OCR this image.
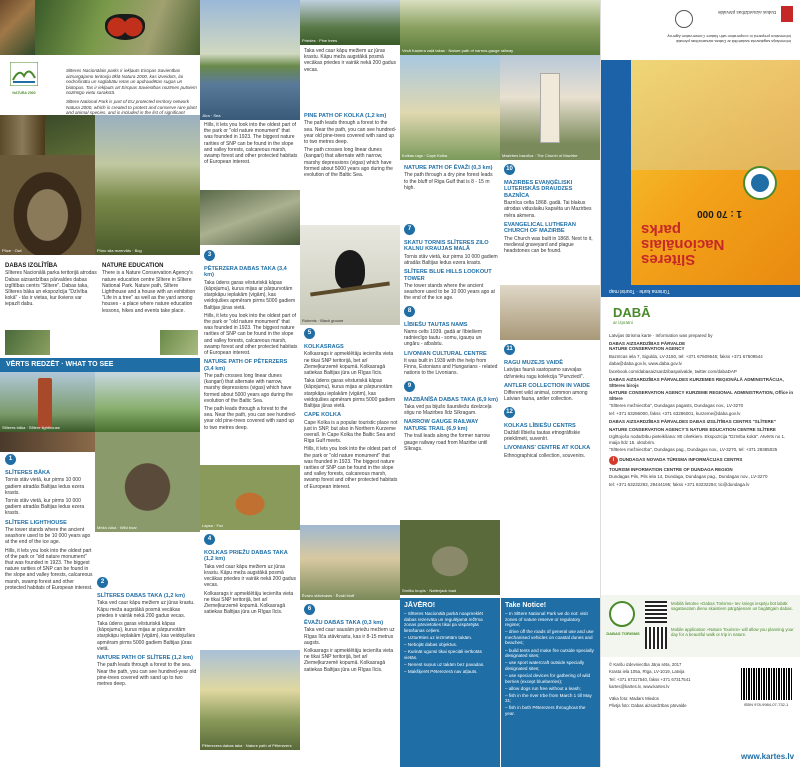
NATURA 2000

Slīteres Nacionālais parks ir iekļauts Eiropas Savienības aizsargājamo teritoriju tīklā Natura 2000, kas izveidots, lai nodrošinātu un saglabātu retas un apdraudētas sugas un biotopus. Tas ir iekļauts arī Eiropas Savienības nozīmes putniem nozīmīgo vietu sarakstā.

Slītere National Park is part of EU protected territory network Natura 2000, which is created to protect and conserve rare plant and animal species, and is included in the list of significant

Pūce · Owl	Pūņu sila rezervāts · Bog
DABAS IZGLĪTĪBA

Slīteres Nacionālā parka teritorijā atrodas Dabas aizsardzības pārvaldes dabas izglītības centrs "Slītere". Dabas taka, Slīteres bāka un ekspozīcija "Dzīvība kokā" - tās ir vietas, kur ikviens var iepazīt dabu.

NATURE EDUCATION

There is a Nature Conservation Agency's nature education centre Slītere in Slītere National Park. Nature path, Slītere Lighthouse and a house with an exhibition "Life in a tree" as well as the yard among houses - a place where nature education lessons, hikes and events take place.

VĒRTS REDZĒT · WHAT TO SEE
Slīteres bāka · Slītere lighthouse
Meža cūka · Wild boar
1
SLĪTERES BĀKA

Tornis stāv vietā, kur pirms 10 000 gadiem atradās Baltijas ledus ezera krasts.

Tornis stāv vietā, kur pirms 10 000 gadiem atradās Baltijas ledus ezera krasts.

SLĪTERE LIGHTHOUSE

The tower stands where the ancient seashore used to be 10 000 years ago at the end of the ice age.

Hills, it lets you look into the oldest part of the park or "old nature monument" that was founded in 1923. The biggest nature rarities of SNP can be found in the slope and valley forests, calcareous marsh, swamp forest and other protected habitats of European interest.

2
SLĪTERES DABAS TAKA (1,2 km)

Taka ved caur kāpu mežiem uz jūras krastu. Kāpu meža augstākā posmā vecākas priedes ir vairāk nekā 200 gadus vecas.

Taka ūdens garas vēsturiskā kāpas (kāpojumu), kurus mijas ar pārpurvotām starpkāpu ieplakām (vigām), kas veidojušies apmēram pirms 5000 gadiem Baltijas jūras vietā.

NATURE PATH OF SLĪTERE (1,2 km)

The path leads through a forest to the sea. Near the path, you can see hundred-year old pine-trees covered with sand up to two metres deep.

Jūra · Sea

Hills, it lets you look into the oldest part of the park or "old nature monument" that was founded in 1923. The biggest nature rarities of SNP can be found in the slope and valley forests, calcareous marsh, swamp forest and other protected habitats of European interest.

3
PĒTERZERA DABAS TAKA (3,4 km)

Taka ūdens garas vēsturiskā kāpas (kāpojumu), kurus mijas ar pārpurvotām starpkāpu ieplakām (vigām), kas veidojušies apmēram pirms 5000 gadiem Baltijas jūras vietā.

Hills, it lets you look into the oldest part of the park or "old nature monument" that was founded in 1923. The biggest nature rarities of SNP can be found in the slope and valley forests, calcareous marsh, swamp forest and other protected habitats of European interest.

NATURE PATH OF PĒTERZERS (3,4 km)

The path crosses long linear dunes (kangari) that alternate with narrow, marshy depressions (vigas) which have formed about 5000 years ago during the evolution of the Baltic Sea.

The path leads through a forest to the sea. Near the path, you can see hundred-year old pine-trees covered with sand up to two metres deep.

Lapsa · Fox
4
KOLKAS PRIEŽU DABAS TAKA (1,2 km)

Taka ved caur kāpu mežiem uz jūras krastu. Kāpu meža augstākā posmā vecākas priedes ir vairāk nekā 200 gadus vecas.

Kolkasrags ir apmeklētāju iecienīta vieta ne tikai SNP teritorijā, bet arī Ziemeļkurzemē kopumā. Kolkasragā satiekas Baltijas jūra un Rīgas līcis.

Pēterezera dabas taka · Nature path of Pēterezers
Priedes · Pine trees

Taka ved caur kāpu mežiem uz jūras krastu. Kāpu meža augstākā posmā vecākas priedes ir vairāk nekā 200 gadus vecas.

PINE PATH OF KOLKA (1,2 km)

The path leads through a forest to the sea. Near the path, you can see hundred-year old pine-trees covered with sand up to two metres deep.

The path crosses long linear dunes (kangari) that alternate with narrow, marshy depressions (vigas) which have formed about 5000 years ago during the evolution of the Baltic Sea.

Rubenis · Black grouse
5
KOLKASRAGS

Kolkasrags ir apmeklētāju iecienīta vieta ne tikai SNP teritorijā, bet arī Ziemeļkurzemē kopumā. Kolkasragā satiekas Baltijas jūra un Rīgas līcis.

Taka ūdens garas vēsturiskā kāpas (kāpojumu), kurus mijas ar pārpurvotām starpkāpu ieplakām (vigām), kas veidojušies apmēram pirms 5000 gadiem Baltijas jūras vietā.

CAPE KOLKA

Cape Kolka is a popular touristic place not just in SNP, but also in Northern Kurzeme overall. In Cape Kolka the Baltic Sea and Riga Gulf meets.

Hills, it lets you look into the oldest part of the park or "old nature monument" that was founded in 1923. The biggest nature rarities of SNP can be found in the slope and valley forests, calcareous marsh, swamp forest and other protected habitats of European interest.

Ēvažu stāvkrasts · Ēvaži bluff
6
ĒVAŽU DABAS TAKA (0,3 km)

Taka ved caur sausām priežu mežiem uz Rīgas līča stāvkrastu, kas ir 8-15 metrus augsts.

Kolkasrags ir apmeklētāju iecienīta vieta ne tikai SNP teritorijā, bet arī Ziemeļkurzemē kopumā. Kolkasragā satiekas Baltijas jūra un Rīgas līcis.

Vecā Kaņiera zaļā takas · Nature path of narrow-gauge railway
Kolkas rags · Cape Kolka
NATURE PATH OF ĒVAŽI (0,3 km)

The path through a dry pine forest leads to the bluff of Riga Gulf that is 8 - 15 m high.

7
SKATU TORNIS SLĪTERES ZILO KALNU KRAUJAS MALĀ

Tornis stāv vietā, kur pirms 10 000 gadiem atradās Baltijas ledus ezera krasts.

SLĪTERE BLUE HILLS LOOKOUT TOWER

The tower stands where the ancient seashore used to be 10 000 years ago at the end of the ice age.

8
LĪBIEŠU TAUTAS NAMS

Nams celts 1939. gadā ar lībiešiem radniecīgo tautu - somu, igauņu un ungāru - atbalstu.

LIVONIAN CULTURAL CENTRE

It was built in 1939 with the help from Finns, Estonians and Hungarians - related nations to the Livonians.

9
MAZBĀNĪŠA DABAS TAKA (6,9 km)

Taka ved pa bijušo šaursliežu dzelzceļa stigu no Mazirbes līdz Sīkragam.

NARROW GAUGE RAILWAY NATURE TRAIL (6,9 km)

The trail leads along the former narrow gauge railway road from Mazirbe until Sīkrags.

Smilšu krupis · Natterjack toad
Mazirbes baznīca · The Church of Mazirbe
10
MAZIRBES EVAŅĢĒLISKI LUTERISKĀS DRAUDZES BAZNĪCA

Baznīca celta 1868. gadā. Tai blakus atrodas viduslaiku kapsēta un Mazirbes mēra akmens.

EVANGELICAL LUTHERAN CHURCH OF MAZIRBE

The Church was built in 1868. Next to it, medieval graveyard and plague headstones can be found.

11
RAGU MUZEJS VAIDĒ

Latvijas faunā sastopamo savvaļas dzīvnieku ragu kolekcija "Purvziedi".

ANTLER COLLECTION IN VAIDE

Different wild animal, common among Latvian fauna, antler collection.

12
KOLKAS LĪBIEŠU CENTRS

Dažādi lībiešu tautas etnogrāfiskie priekšmeti, suvenīri.

LIVONIANS' CENTRE AT KOLKA

Ethnographical collection, souvenirs.

JĀVĒRO!
– Slīteres Nacionālā parkā noapmeklēt dabas rezervāta un regulējamā režīma zonas pārvietoties tikai pa vispārējās lietošanas ceļiem.
– Uzturēties uz iezīmētām takām.
– Nebojāt dabas objektus.
– Kurināt ugunsi tikai speciāli ierīkotās vietās.
– Nenest suņus uz takām bez pavadas.
– Makšķerēt Pēterezerā nav atļauts.
Take Notice!
– In Slītere National Park we do not: visit zones of nature reserve or regulatory regime;
– drive off the roads of general use and use mechanised vehicles on coastal dunes and beaches;
– build tents and make fire outside specially designated sites;
– use sport watercraft outside specially designated sites;
– use special devices for gathering of wild berries (except blueberries);
– allow dogs run free without a leash;
– fish in the river Irbe from March 1 till May 31;
– fish in both Pēterezers throughout the year.
Dabas aizsardzības pārvalde
Informācija sagatavota sadarbībā ar Dabas aizsardzības pārvaldi
Information prepared in cooperation with Nature Conservation Agency
1 : 70 000
Slīteres
Nacionālais
parks
Tūrisma karte · Tourist map
DABĀ
ar izpratni

Latvijas tūrisma karte · Information was prepared by

DABAS AIZSARDZĪBAS PĀRVALDE
NATURE CONSERVATION AGENCY

Baznīcas iela 7, Sigulda, LV-2150, tel: +371 67509545; fakss +371 67509544

daba@daba.gov.lv, www.daba.gov.lv

facebook.com/dabasaizsardzibaspalvalde, twitter.com/dabaDAP

DABAS AIZSARDZĪBAS PĀRVALDES KURZEMES REĢIONĀLĀ ADMINISTRĀCIJA, Slīteres birojs

NATURE CONSERVATION AGENCY KURZEME REGIONAL ADMINISTRATION, Office in Slītere

"Slīteres mežniecība", Dundagas pagasts, Dundagas nov., LV-3270

tel: +371 63286000, fakss +371 63286001, kurzeme@daba.gov.lv

DABAS AIZSARDZĪBAS PĀRVALDES DABAS IZGLĪTĪBAS CENTRS "SLĪTERE"

NATURE CONSERVATION AGENCY'S NATURE EDUCATION CENTRE SLĪTERE

Izglītojošo nodarbību pieteikšana: 80 cilvēkiem. Ekspozīcija "Dzīvība kokā". Atvērts no 1. maija līdz 15. oktobrim.

"Slīteres mežniecība", Dundagas pag., Dundagas nov., LV-3270, tel: +371 28385025

i DUNDAGAS NOVADA TŪRISMA INFORMĀCIJAS CENTRS

TOURISM INFORMATION CENTRE OF DUNDAGA REGION

Dundagas Pils, Pils iela 14, Dundaga, Dundagas pag., Dundagas nov., LV-3270

tel: +371 63232293, 29444195; fakss +371 63232294; tic@dundaga.lv

DABAS TŪRISMS
Mobilā lietotne «Dabas Tūrisms» tev sniegs iespēju būt labāk sagatavotam dienu skaistiem pārgājienam un bagātīgam dabas.
Mobile application «Nature Tourism» will allow you planning your day for a beautiful walk or trip in nature.

© Karšu izdevniecība Jāņa sēta, 2017

Krasta iela 105a, Rīga, LV-1019, Latvija

Tel: +371 67317540, fakss +371 67317541

kartes@kartes.lv, www.kartes.lv

Vāka foto: Madars Miedos

Plivtja foto: Dabas aizsardzības pārvalde	ISBN 978-9984-07-732-1
www.kartes.lv
